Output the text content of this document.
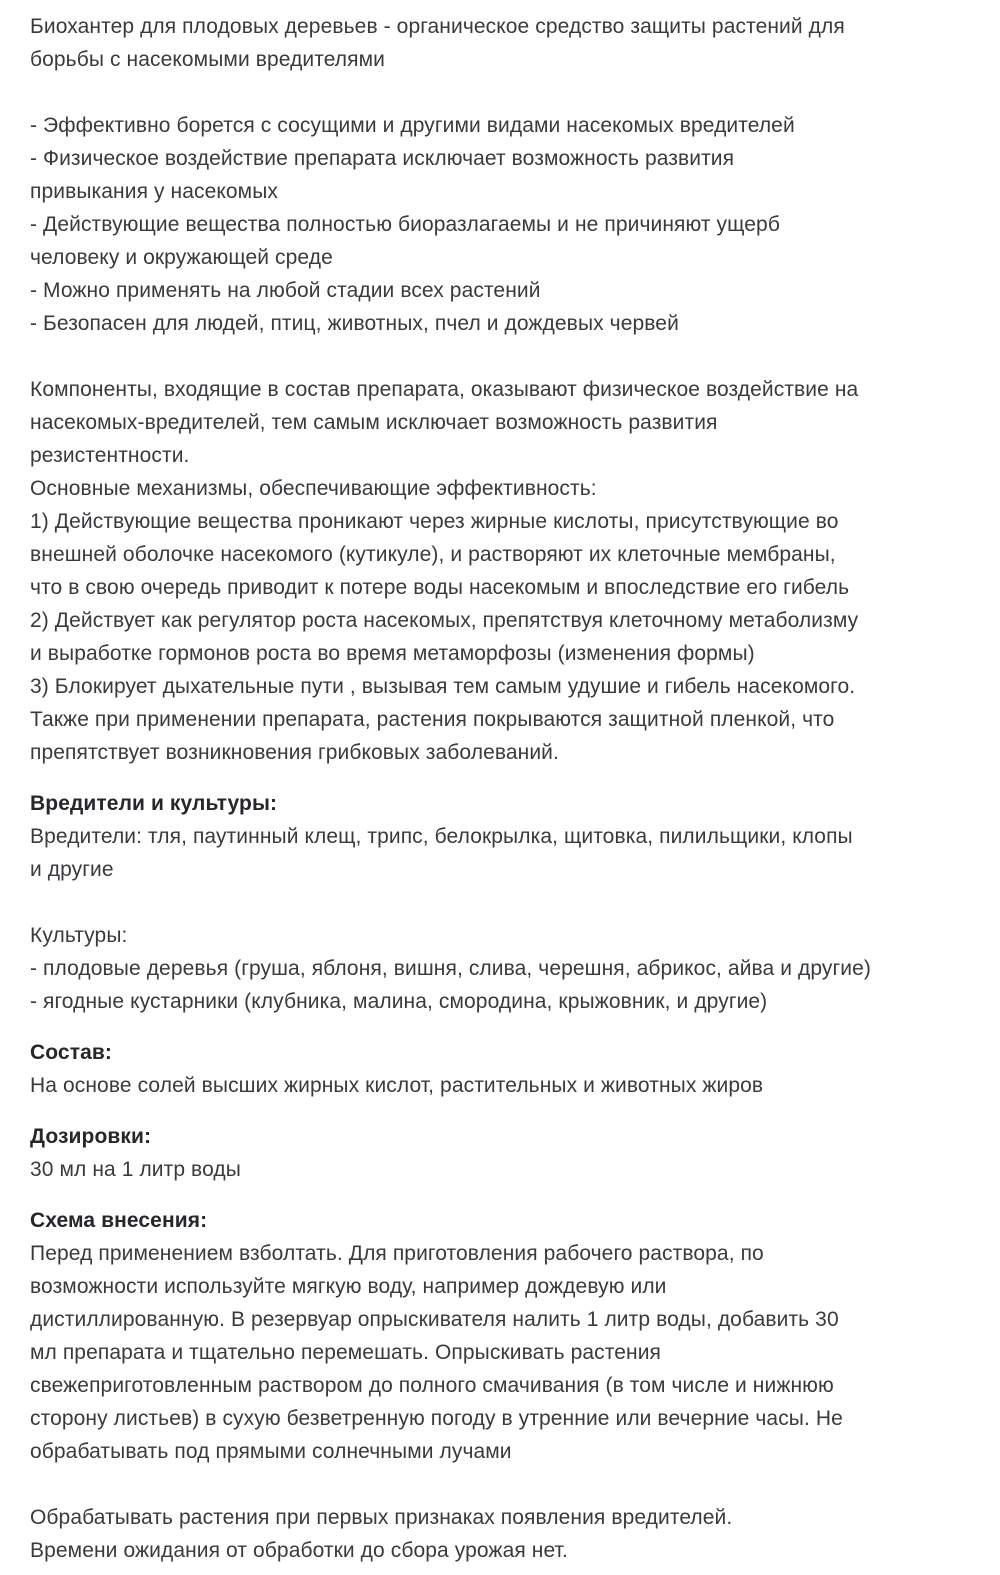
Биохантер для плодовых деревьев - органическое средство защиты растений для
борьбы с насекомыми вредителями
- Эффективно борется с сосущими и другими видами насекомых вредителей
- Физическое воздействие препарата исключает возможность развития
привыкания у насекомых
- Действующие вещества полностью биоразлагаемы и не причиняют ущерб
человеку и окружающей среде
- Можно применять на любой стадии всех растений
- Безопасен для людей, птиц, животных, пчел и дождевых червей
Компоненты, входящие в состав препарата, оказывают физическое воздействие на
насекомых-вредителей, тем самым исключает возможность развития
резистентности.
Основные механизмы, обеспечивающие эффективность:
1) Действующие вещества проникают через жирные кислоты, присутствующие во
внешней оболочке насекомого (кутикуле), и растворяют их клеточные мембраны,
что в свою очередь приводит к потере воды насекомым и впоследствие его гибель
2) Действует как регулятор роста насекомых, препятствуя клеточному метаболизму
и выработке гормонов роста во время метаморфозы (изменения формы)
3) Блокирует дыхательные пути , вызывая тем самым удушие и гибель насекомого.
Также при применении препарата, растения покрываются защитной пленкой, что
препятствует возникновения грибковых заболеваний.
Вредители и культуры:
Вредители: тля, паутинный клещ, трипс, белокрылка, щитовка, пилильщики, клопы
и другие
Культуры:
- плодовые деревья (груша, яблоня, вишня, слива, черешня, абрикос, айва и другие)
- ягодные кустарники (клубника, малина, смородина, крыжовник, и другие)
Состав:
На основе солей высших жирных кислот, растительных и животных жиров
Дозировки:
30 мл на 1 литр воды
Схема внесения:
Перед применением взболтать. Для приготовления рабочего раствора, по
возможности используйте мягкую воду, например дождевую или
дистиллированную. В резервуар опрыскивателя налить 1 литр воды, добавить 30
мл препарата и тщательно перемешать. Опрыскивать растения
свежеприготовленным раствором до полного смачивания (в том числе и нижнюю
сторону листьев) в сухую безветренную погоду в утренние или вечерние часы. Не
обрабатывать под прямыми солнечными лучами
Обрабатывать растения при первых признаках появления вредителей.
Времени ожидания от обработки до сбора урожая нет.
